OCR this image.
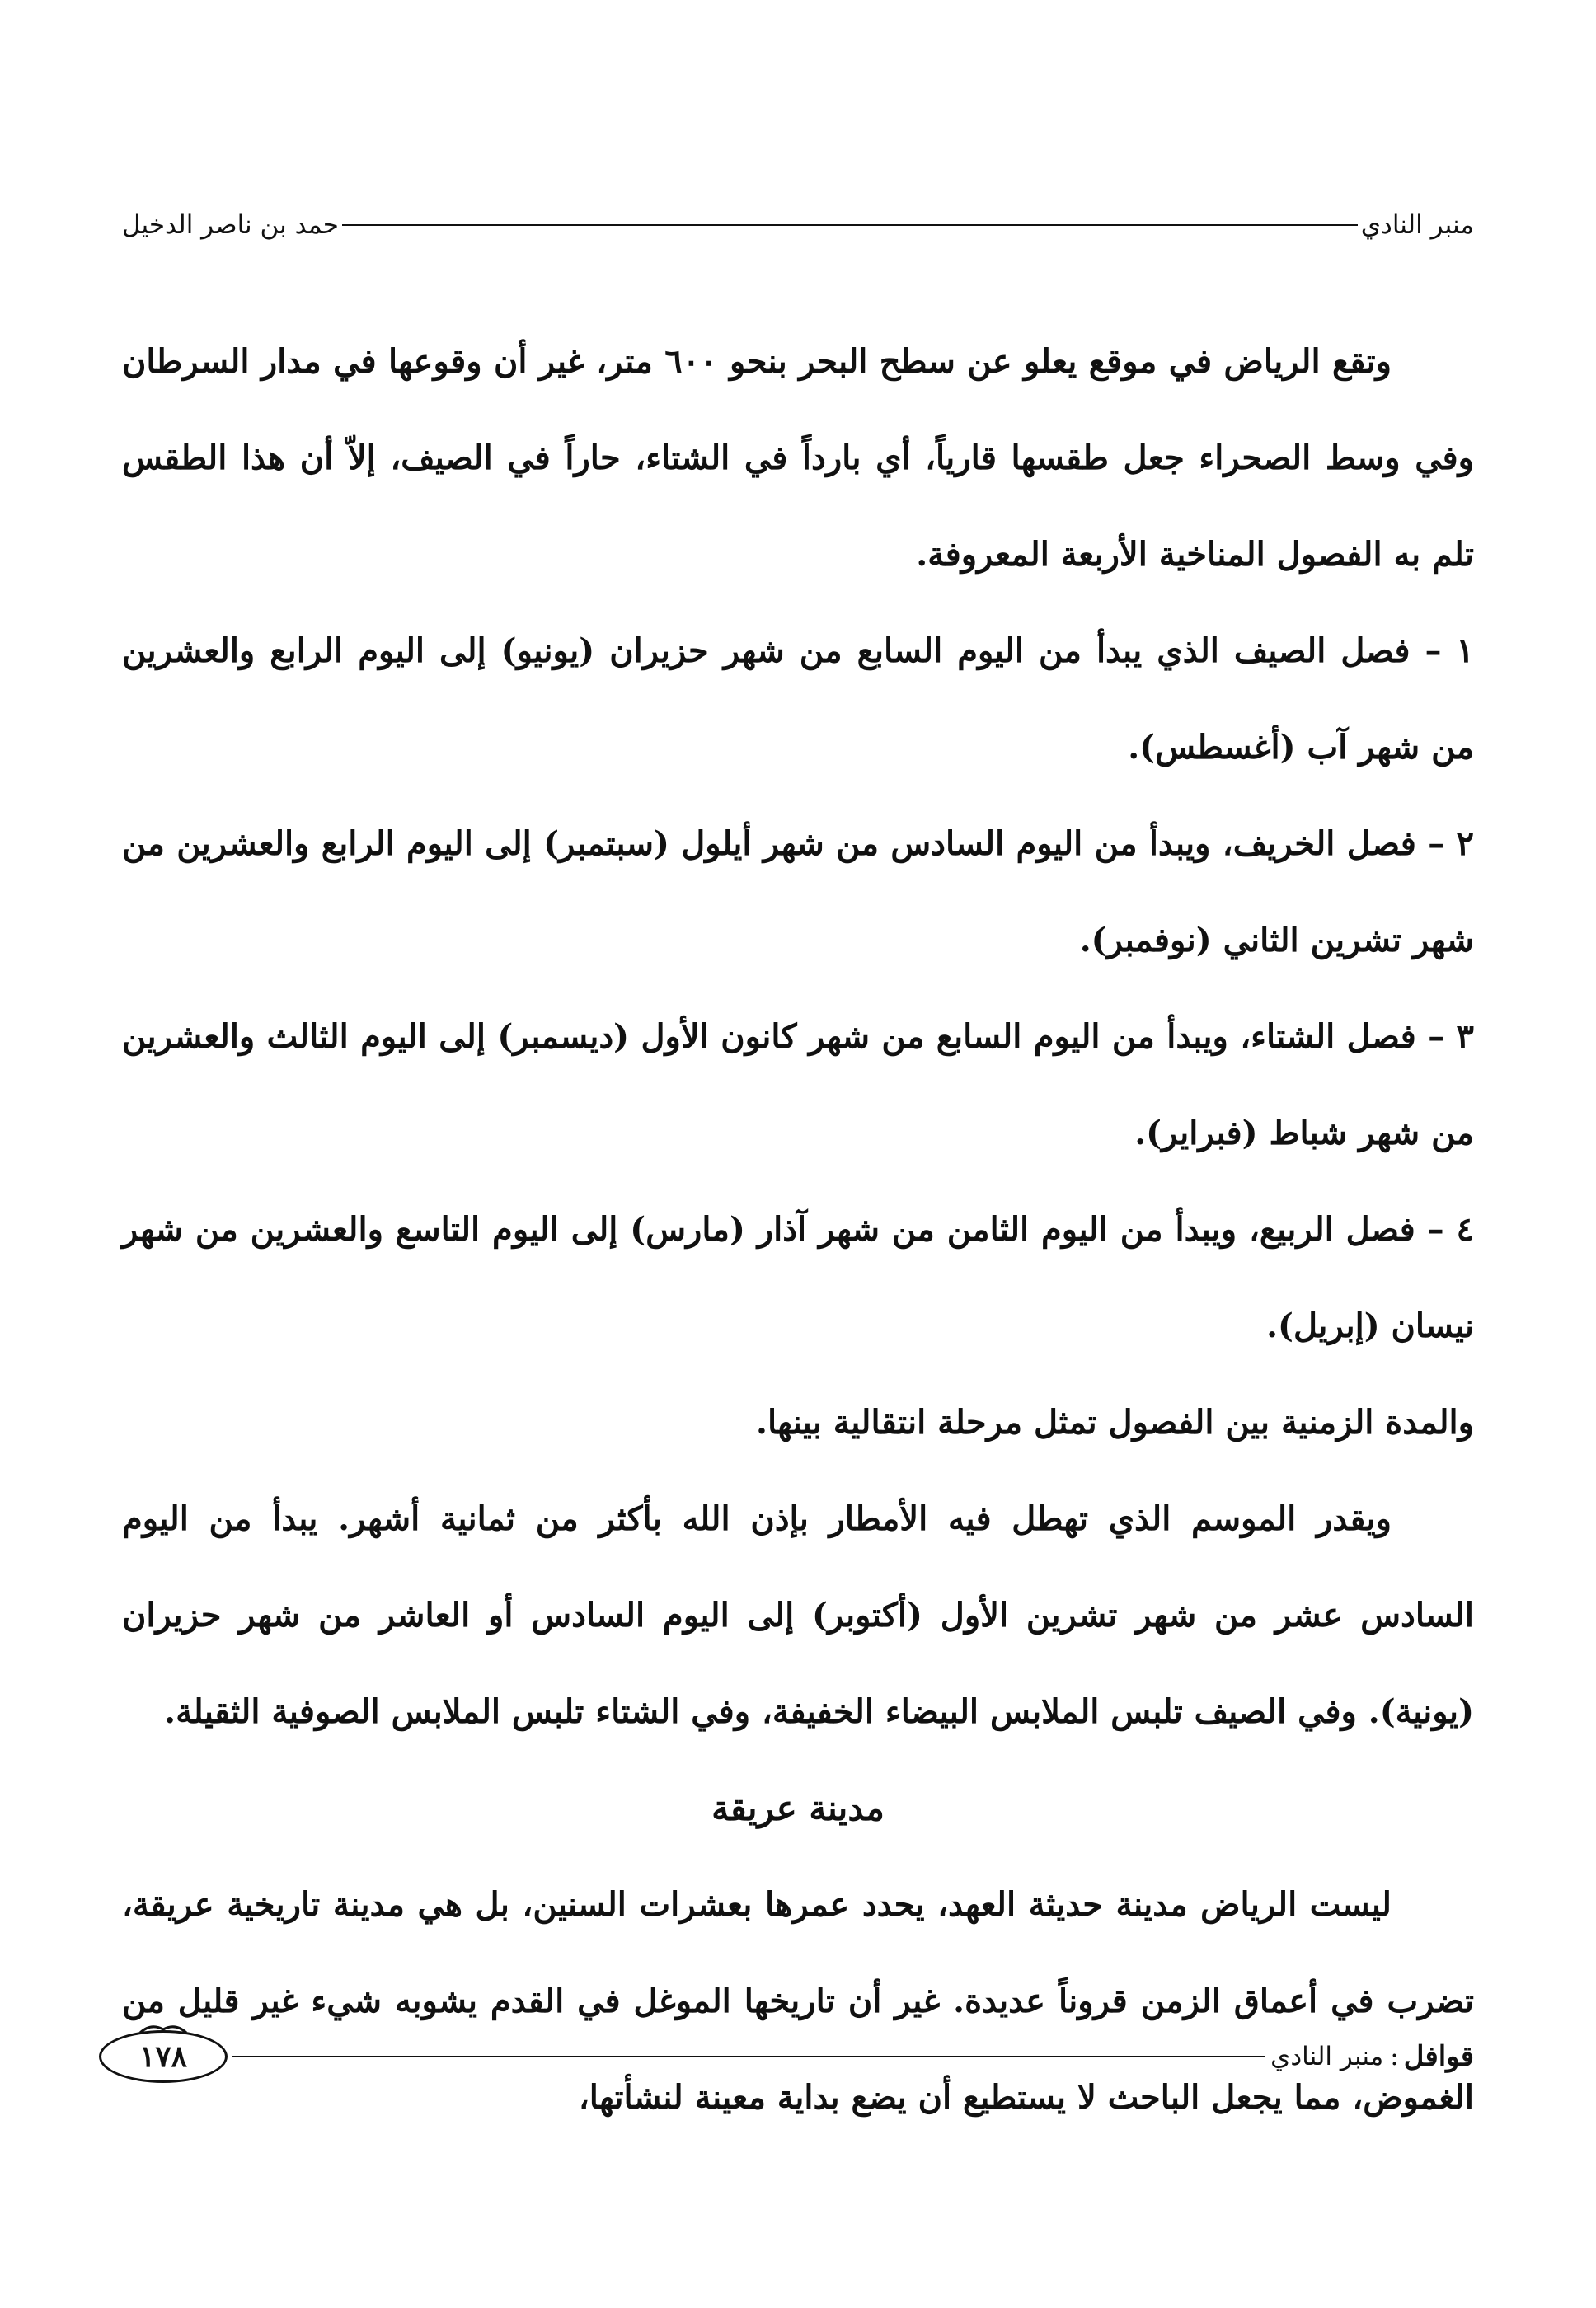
منبر النادي
حمد بن ناصر الدخيل

وتقع الرياض في موقع يعلو عن سطح البحر بنحو ٦٠٠ متر، غير أن وقوعها في مدار السرطان وفي وسط الصحراء جعل طقسها قارياً، أي بارداً في الشتاء، حاراً في الصيف، إلاّ أن هذا الطقس تلم به الفصول المناخية الأربعة المعروفة.

١ – فصل الصيف الذي يبدأ من اليوم السابع من شهر حزيران (يونيو) إلى اليوم الرابع والعشرين من شهر آب (أغسطس).

٢ – فصل الخريف، ويبدأ من اليوم السادس من شهر أيلول (سبتمبر) إلى اليوم الرابع والعشرين من شهر تشرين الثاني (نوفمبر).

٣ – فصل الشتاء، ويبدأ من اليوم السابع من شهر كانون الأول (ديسمبر) إلى اليوم الثالث والعشرين من شهر شباط (فبراير).

٤ – فصل الربيع، ويبدأ من اليوم الثامن من شهر آذار (مارس) إلى اليوم التاسع والعشرين من شهر نيسان (إبريل).

والمدة الزمنية بين الفصول تمثل مرحلة انتقالية بينها.

ويقدر الموسم الذي تهطل فيه الأمطار بإذن الله بأكثر من ثمانية أشهر. يبدأ من اليوم السادس عشر من شهر تشرين الأول (أكتوبر) إلى اليوم السادس أو العاشر من شهر حزيران (يونية). وفي الصيف تلبس الملابس البيضاء الخفيفة، وفي الشتاء تلبس الملابس الصوفية الثقيلة.

مدينة عريقة

ليست الرياض مدينة حديثة العهد، يحدد عمرها بعشرات السنين، بل هي مدينة تاريخية عريقة، تضرب في أعماق الزمن قروناً عديدة. غير أن تاريخها الموغل في القدم يشوبه شيء غير قليل من الغموض، مما يجعل الباحث لا يستطيع أن يضع بداية معينة لنشأتها،

قوافل
:
منبر النادي
١٧٨
